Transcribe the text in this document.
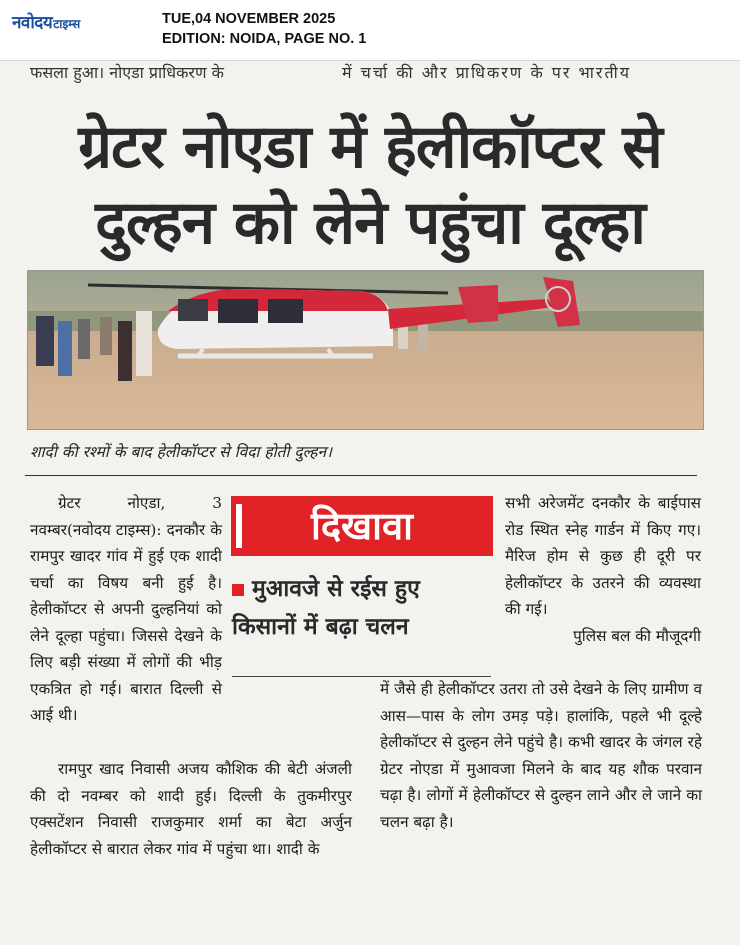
नवोदय टाइम्स	TUE,04 NOVEMBER 2025
EDITION: NOIDA, PAGE NO. 1
फसला हुआ। नोएडा प्राधिकरण के	में चर्चा की और प्राधिकरण के पर भारतीय
ग्रेटर नोएडा में हेलीकॉप्टर से
दुल्हन को लेने पहुंचा दूल्हा
शादी की रश्मों के बाद हेलीकॉप्टर से विदा होती दुल्हन।

ग्रेटर नोएडा, 3 नवम्बर(नवोदय टाइम्स): दनकौर के रामपुर खादर गांव में हुई एक शादी चर्चा का विषय बनी हुई है। हेलीकॉप्टर से अपनी दुल्हनियां को लेने दूल्हा पहुंचा। जिससे देखने के लिए बड़ी संख्या में लोगों की भीड़ एकत्रित हो गई। बारात दिल्ली से आई थी।

दिखावा
मुआवजे से रईस हुए
किसानों में बढ़ा चलन

सभी अरेजमेंट दनकौर के बाईपास रोड स्थित स्नेह गार्डन में किए गए। मैरिज होम से कुछ ही दूरी पर हेलीकॉप्टर के उतरने की व्यवस्था की गई।

पुलिस बल की मौजूदगी

रामपुर खाद निवासी अजय कौशिक की बेटी अंजली की दो नवम्बर को शादी हुई। दिल्ली के तुकमीरपुर एक्सटेंशन निवासी राजकुमार शर्मा का बेटा अर्जुन हेलीकॉप्टर से बारात लेकर गांव में पहुंचा था। शादी के

में जैसे ही हेलीकॉप्टर उतरा तो उसे देखने के लिए ग्रामीण व आस—पास के लोग उमड़ पड़े। हालांकि, पहले भी दूल्हे हेलीकॉप्टर से दुल्हन लेने पहुंचे है। कभी खादर के जंगल रहे ग्रेटर नोएडा में मुआवजा मिलने के बाद यह शौक परवान चढ़ा है। लोगों में हेलीकॉप्टर से दुल्हन लाने और ले जाने का चलन बढ़ा है।
